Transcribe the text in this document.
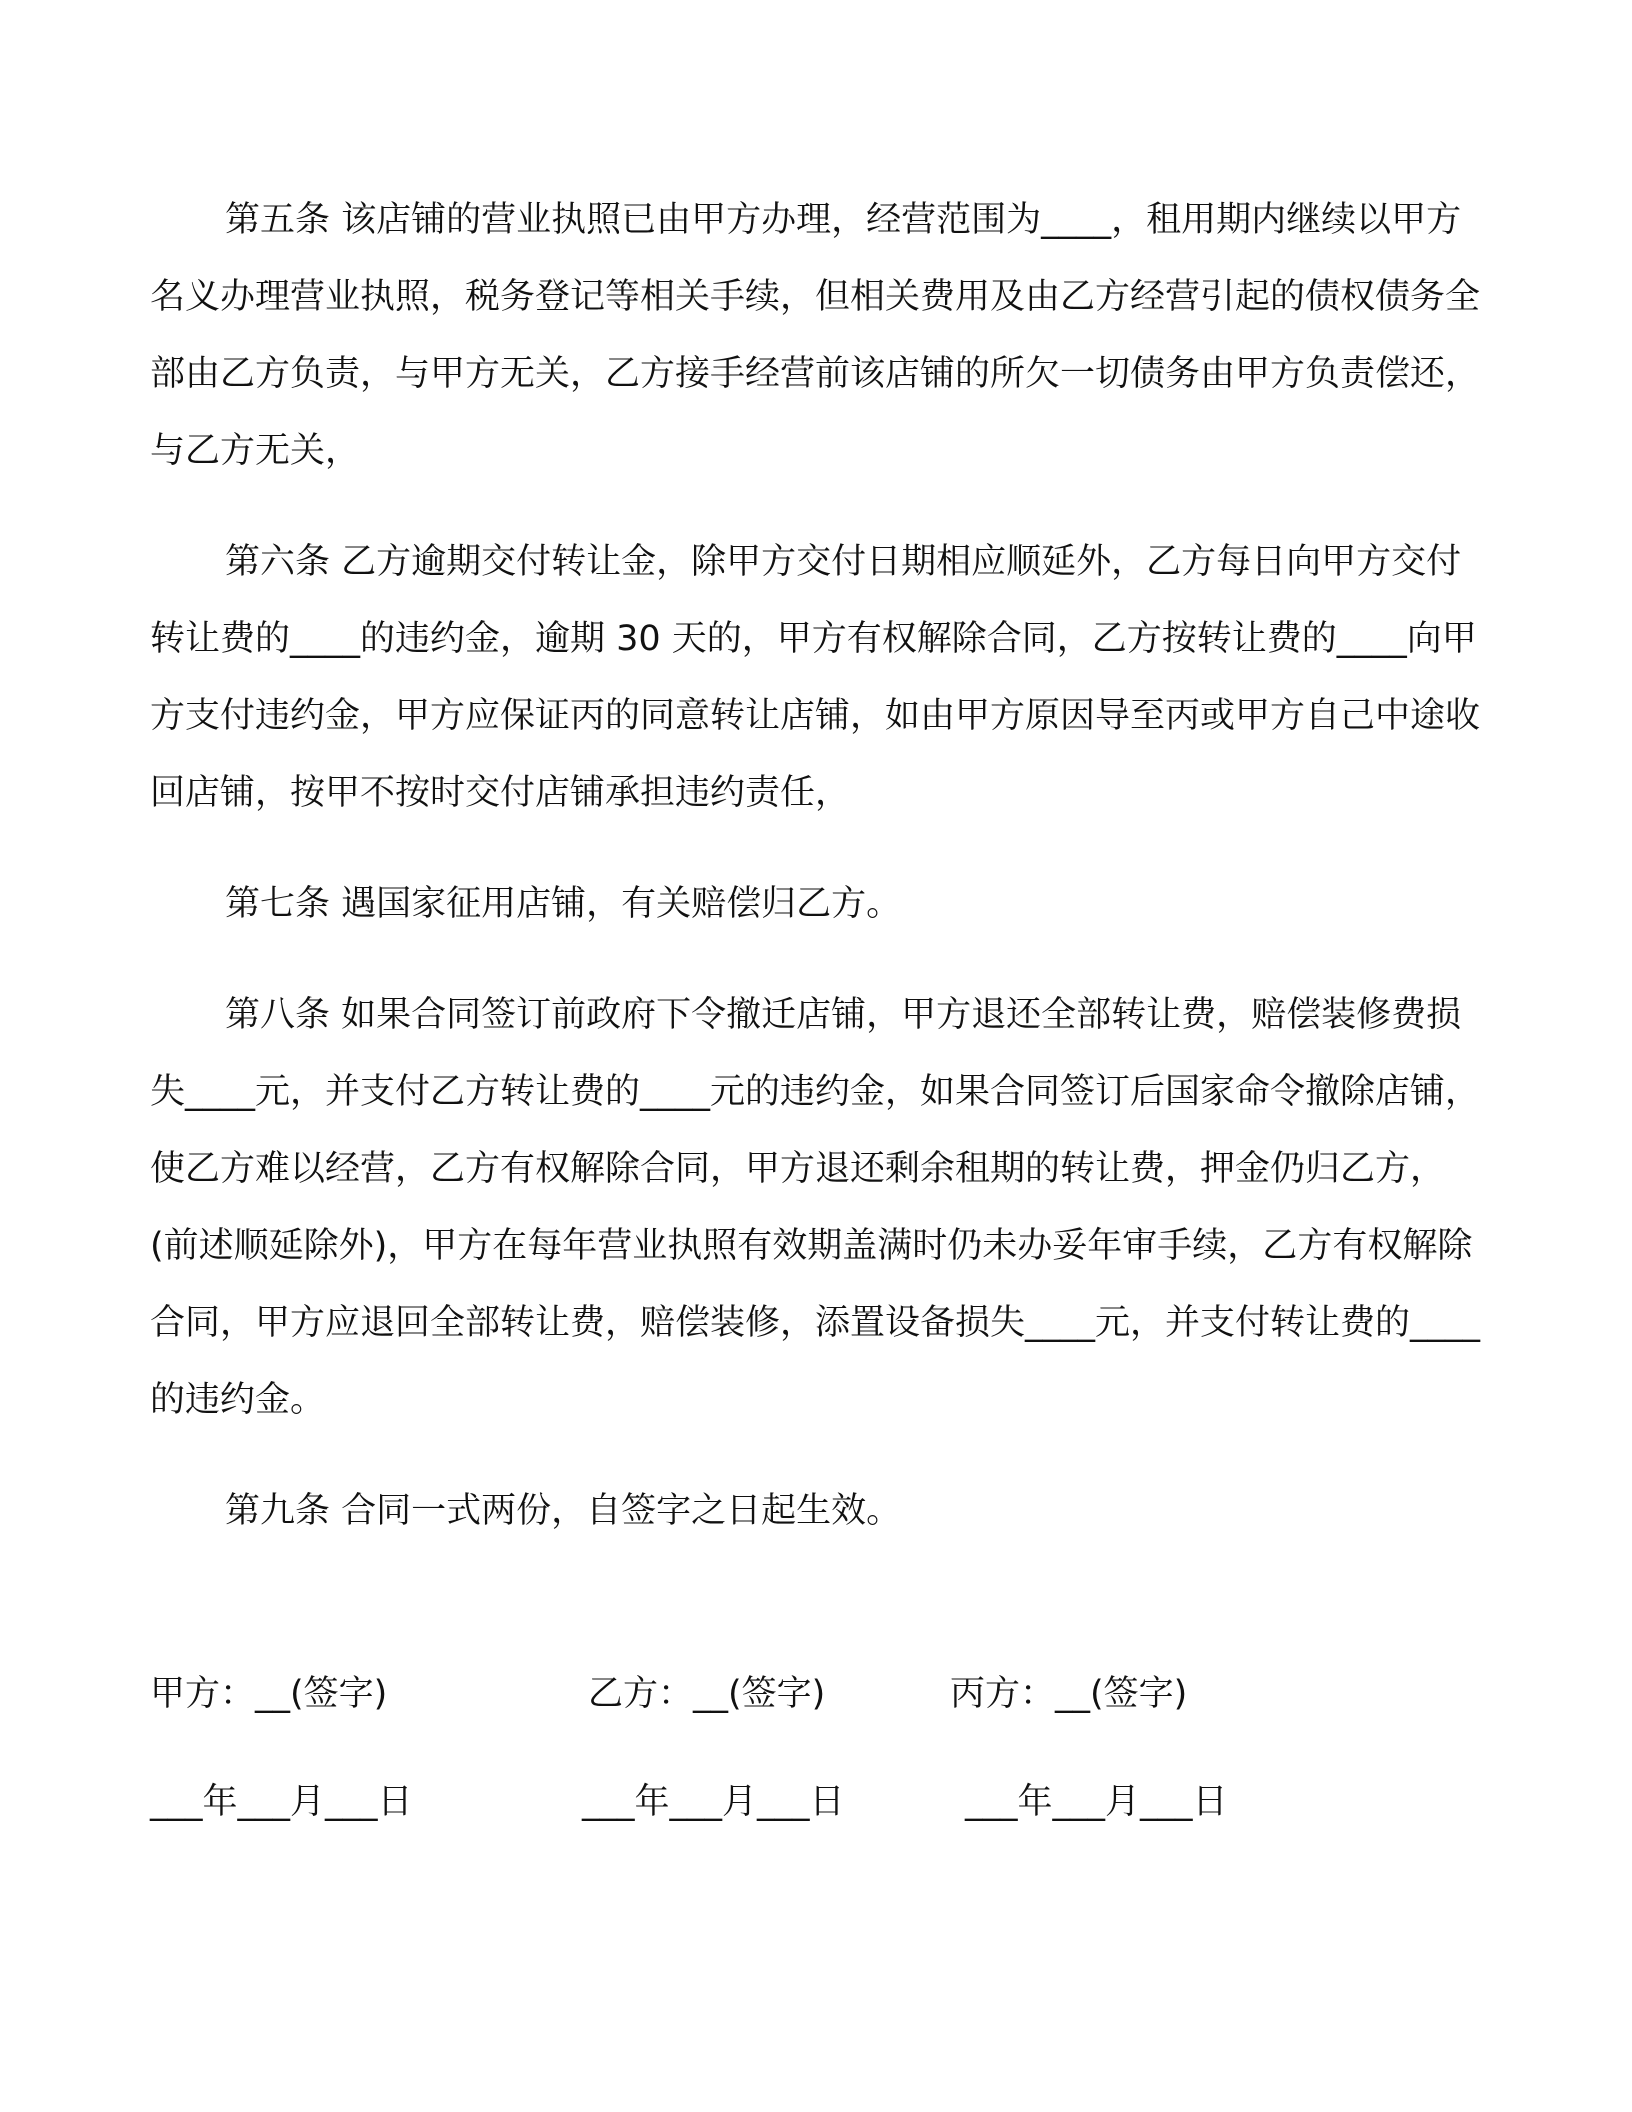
第五条 该店铺的营业执照已由甲方办理，经营范围为____，租用期内继续以甲方名义办理营业执照，税务登记等相关手续，但相关费用及由乙方经营引起的债权债务全部由乙方负责，与甲方无关，乙方接手经营前该店铺的所欠一切债务由甲方负责偿还，与乙方无关，

第六条 乙方逾期交付转让金，除甲方交付日期相应顺延外，乙方每日向甲方交付转让费的____的违约金，逾期 30 天的，甲方有权解除合同，乙方按转让费的____向甲方支付违约金，甲方应保证丙的同意转让店铺，如由甲方原因导至丙或甲方自己中途收回店铺，按甲不按时交付店铺承担违约责任，

第七条 遇国家征用店铺，有关赔偿归乙方。

第八条 如果合同签订前政府下令撤迁店铺，甲方退还全部转让费，赔偿装修费损失____元，并支付乙方转让费的____元的违约金，如果合同签订后国家命令撤除店铺，使乙方难以经营，乙方有权解除合同，甲方退还剩余租期的转让费，押金仍归乙方，(前述顺延除外)，甲方在每年营业执照有效期盖满时仍未办妥年审手续，乙方有权解除合同，甲方应退回全部转让费，赔偿装修，添置设备损失____元，并支付转让费的____的违约金。

第九条 合同一式两份，自签字之日起生效。

甲方：__(签字)	乙方：__(签字)	丙方：__(签字)
___年___月___日	___年___月___日	___年___月___日
